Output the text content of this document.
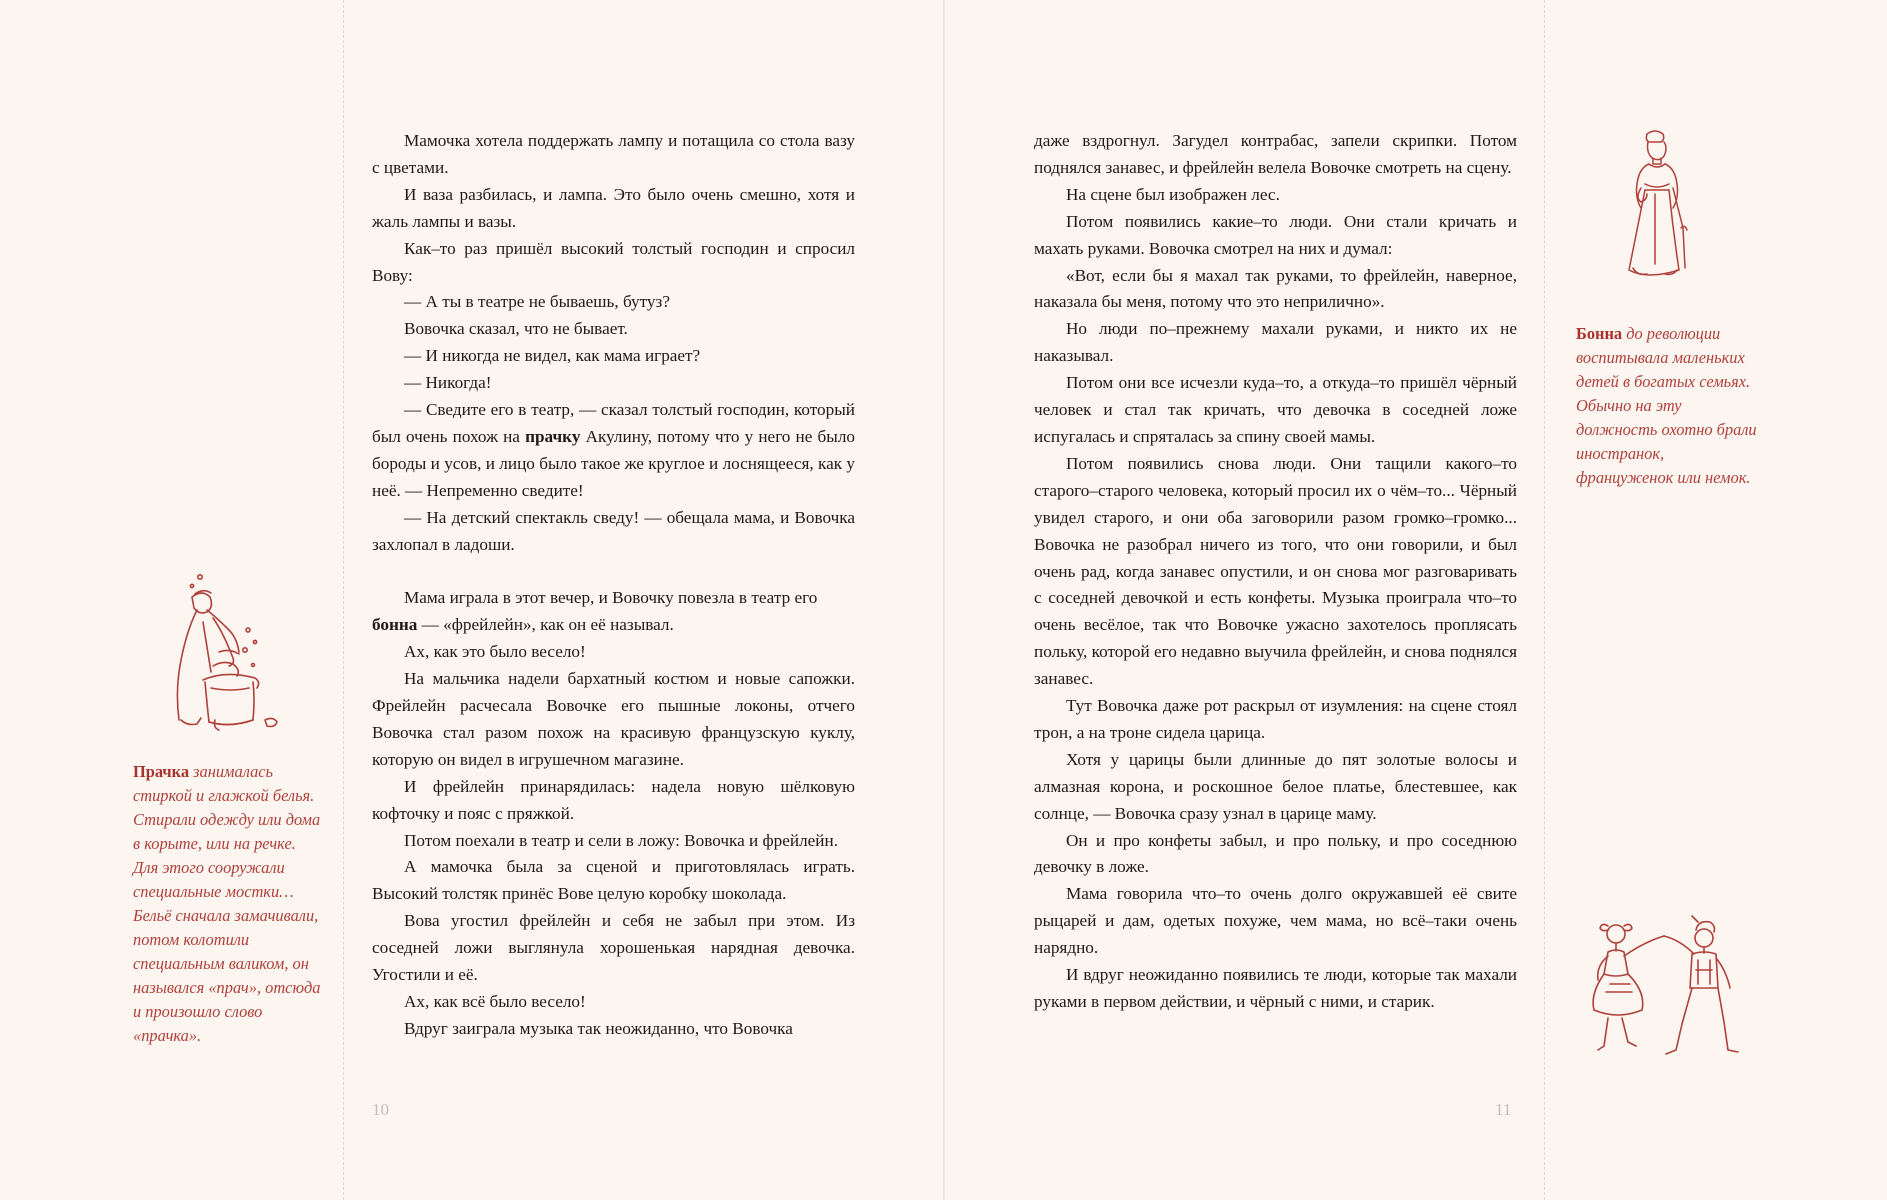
Прачка занималась стиркой и глажкой белья. Стирали одежду или дома в корыте, или на речке. Для этого сооружали специальные мостки… Бельё сначала замачивали, потом колотили специальным валиком, он назывался «прач», отсюда и произошло слово «прачка».

Мамочка хотела поддержать лампу и потащила со стола вазу с цветами.

И ваза разбилась, и лампа. Это было очень смешно, хотя и жаль лампы и вазы.

Как–то раз пришёл высокий толстый господин и спросил Вову:

— А ты в театре не бываешь, бутуз?

Вовочка сказал, что не бывает.

— И никогда не видел, как мама играет?

— Никогда!

— Сведите его в театр, — сказал толстый господин, который был очень похож на прачку Акулину, потому что у него не было бороды и усов, и лицо было такое же круглое и лоснящееся, как у неё. — Непременно сведите!

— На детский спектакль сведу! — обещала мама, и Вовочка захлопал в ладоши.

Мама играла в этот вечер, и Вовочку повезла в театр его

бонна — «фрейлейн», как он её называл.

Ах, как это было весело!

На мальчика надели бархатный костюм и новые сапожки. Фрейлейн расчесала Вовочке его пышные локоны, отчего Вовочка стал разом похож на красивую французскую куклу, которую он видел в игрушечном магазине.

И фрейлейн принарядилась: надела новую шёлковую кофточку и пояс с пряжкой.

Потом поехали в театр и сели в ложу: Вовочка и фрейлейн.

А мамочка была за сценой и приготовлялась играть. Высокий толстяк принёс Вове целую коробку шоколада.

Вова угостил фрейлейн и себя не забыл при этом. Из соседней ложи выглянула хорошенькая нарядная девочка. Угостили и её.

Ах, как всё было весело!

Вдруг заиграла музыка так неожиданно, что Вовочка

10

даже вздрогнул. Загудел контрабас, запели скрипки. Потом поднялся занавес, и фрейлейн велела Вовочке смотреть на сцену.

На сцене был изображен лес.

Потом появились какие–то люди. Они стали кричать и махать руками. Вовочка смотрел на них и думал:

«Вот, если бы я махал так руками, то фрейлейн, наверное, наказала бы меня, потому что это неприлично».

Но люди по–прежнему махали руками, и никто их не наказывал.

Потом они все исчезли куда–то, а откуда–то пришёл чёрный человек и стал так кричать, что девочка в соседней ложе испугалась и спряталась за спину своей мамы.

Потом появились снова люди. Они тащили какого–то старого–старого человека, который просил их о чём–то... Чёрный увидел старого, и они оба заговорили разом громко–громко... Вовочка не разобрал ничего из того, что они говорили, и был очень рад, когда занавес опустили, и он снова мог разговаривать с соседней девочкой и есть конфеты. Музыка проиграла что–то очень весёлое, так что Вовочке ужасно захотелось проплясать польку, которой его недавно выучила фрейлейн, и снова поднялся занавес.

Тут Вовочка даже рот раскрыл от изумления: на сцене стоял трон, а на троне сидела царица.

Хотя у царицы были длинные до пят золотые волосы и алмазная корона, и роскошное белое платье, блестевшее, как солнце, — Вовочка сразу узнал в царице маму.

Он и про конфеты забыл, и про польку, и про соседнюю девочку в ложе.

Мама говорила что–то очень долго окружавшей её свите рыцарей и дам, одетых похуже, чем мама, но всё–таки очень нарядно.

И вдруг неожиданно появились те люди, которые так махали руками в первом действии, и чёрный с ними, и старик.

11
Бонна до революции воспитывала маленьких детей в богатых семьях. Обычно на эту должность охотно брали иностранок, француженок или немок.
